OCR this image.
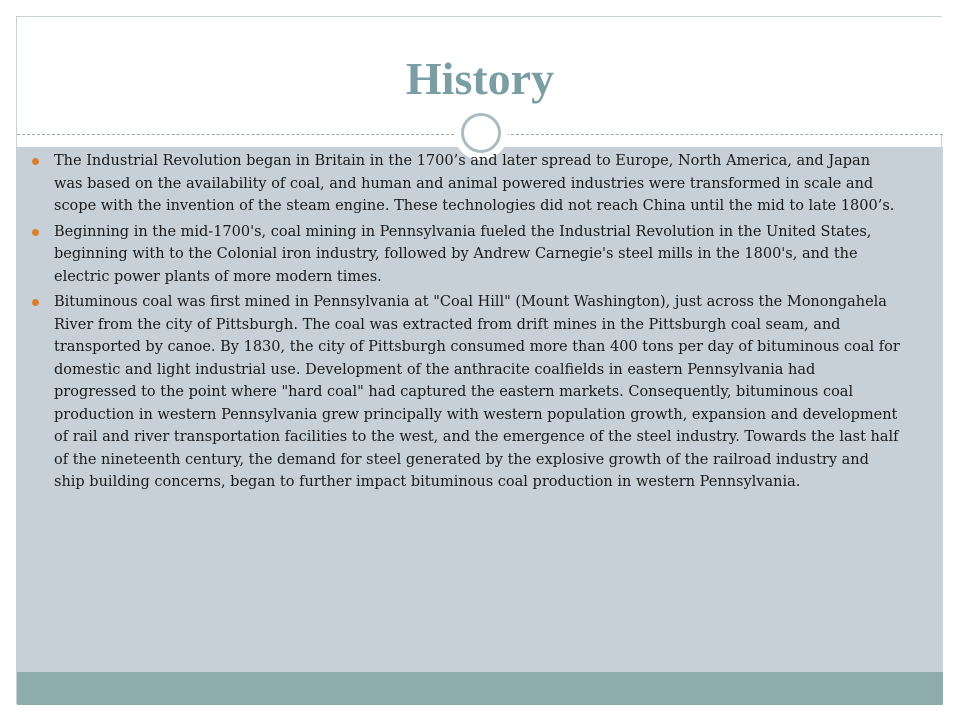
History
The Industrial Revolution began in Britain in the 1700’s and later spread to Europe, North America, and Japan was based on the availability of coal, and human and animal powered industries were transformed in scale and scope with the invention of the steam engine. These technologies did not reach China until the mid to late 1800’s.
Beginning in the mid-1700's, coal mining in Pennsylvania fueled the Industrial Revolution in the United States, beginning with to the Colonial iron industry, followed by Andrew Carnegie's steel mills in the 1800's, and the electric power plants of more modern times.
Bituminous coal was first mined in Pennsylvania at "Coal Hill" (Mount Washington), just across the Monongahela River from the city of Pittsburgh. The coal was extracted from drift mines in the Pittsburgh coal seam, and transported by canoe. By 1830, the city of Pittsburgh consumed more than 400 tons per day of bituminous coal for domestic and light industrial use. Development of the anthracite coalfields in eastern Pennsylvania had progressed to the point where "hard coal" had captured the eastern markets. Consequently, bituminous coal production in western Pennsylvania grew principally with western population growth, expansion and development of rail and river transportation facilities to the west, and the emergence of the steel industry. Towards the last half of the nineteenth century, the demand for steel generated by the explosive growth of the railroad industry and ship building concerns, began to further impact bituminous coal production in western Pennsylvania.
